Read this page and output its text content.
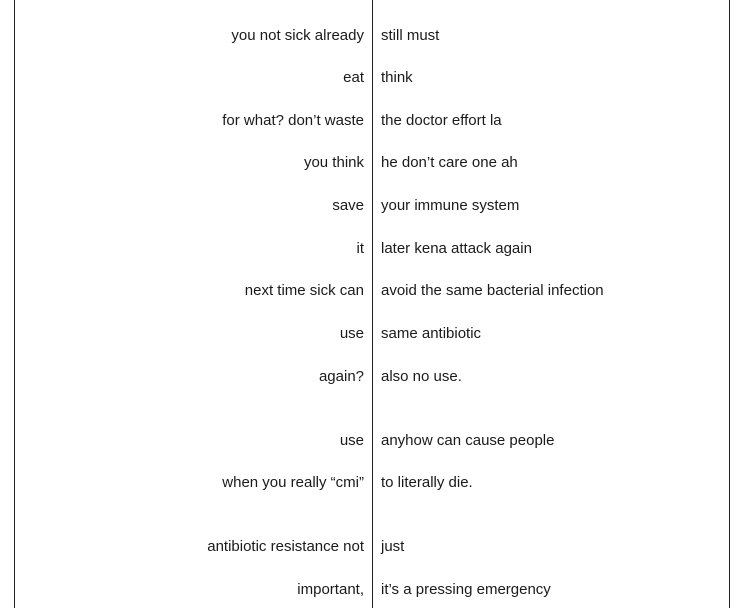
you not sick already still must
eat think
for what? don’t waste the doctor effort la
you think he don’t care one ah
save your immune system
it later kena attack again
next time sick can avoid the same bacterial infection
use same antibiotic
again? also no use.
use anyhow can cause people
when you really “cmi” to literally die.
antibiotic resistance not just
important, it’s a pressing emergency
